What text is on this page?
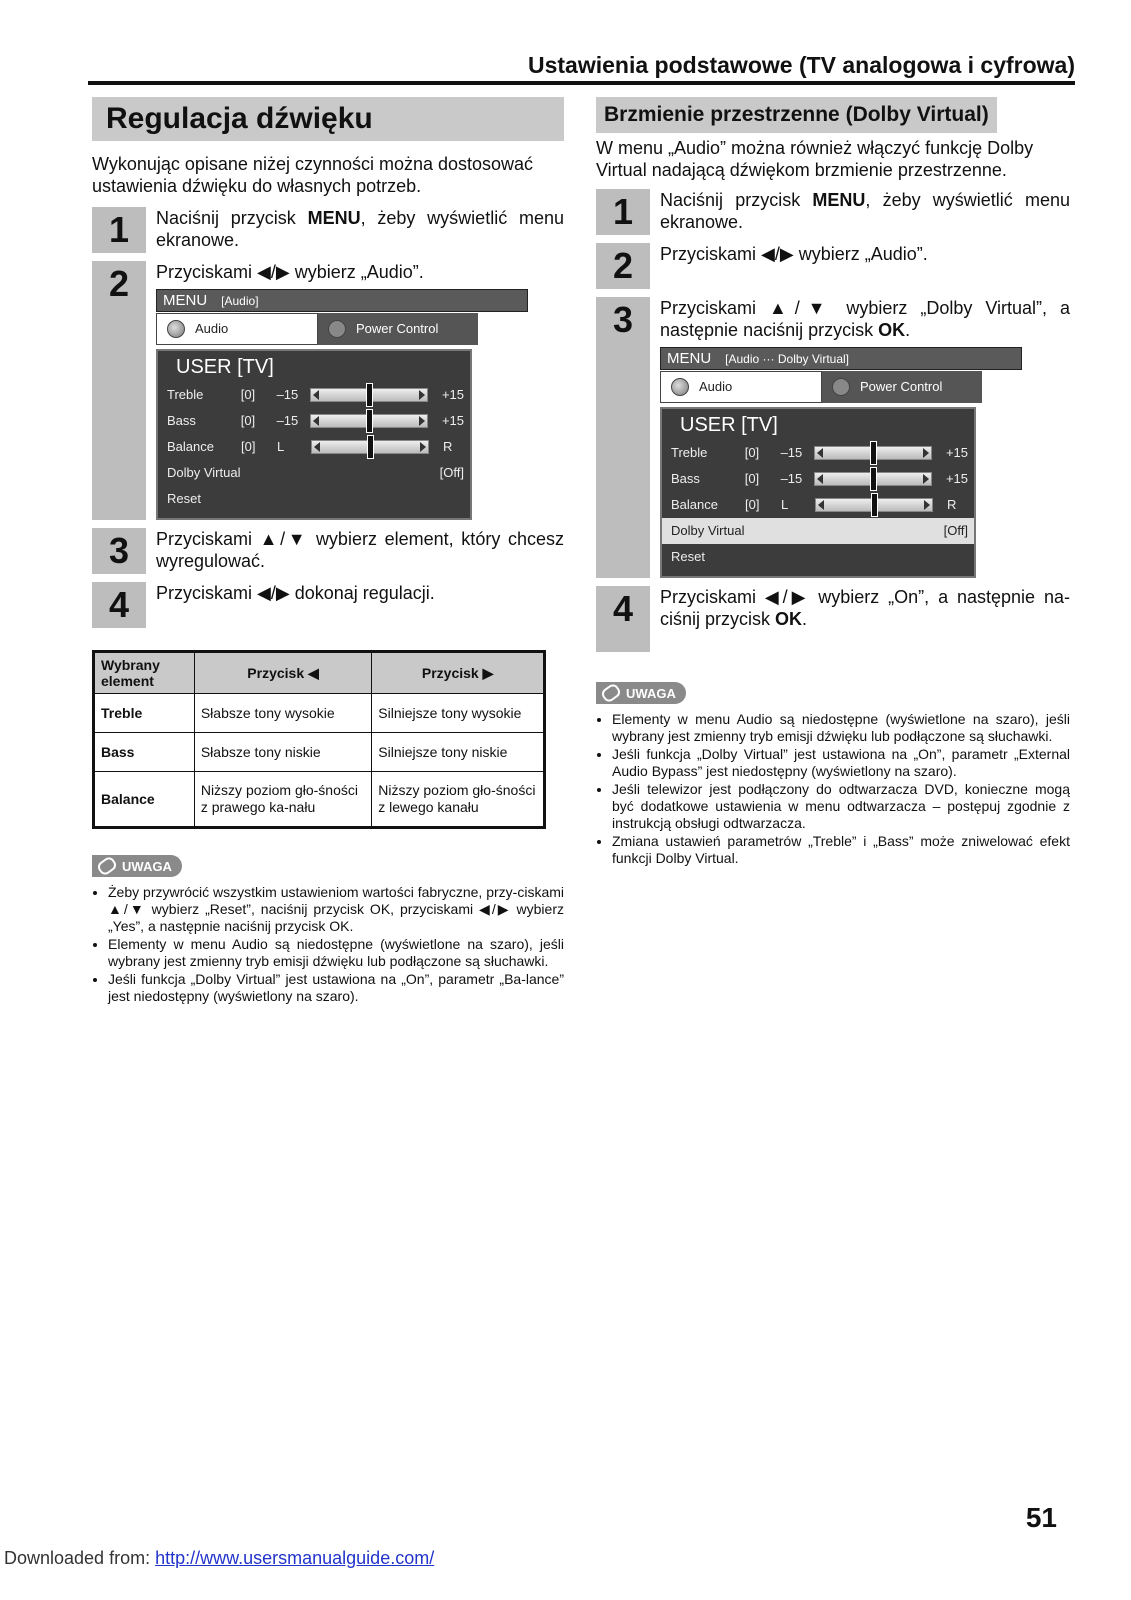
Ustawienia podstawowe (TV analogowa i cyfrowa)
Regulacja dźwięku
Wykonując opisane niżej czynności można dostosować ustawienia dźwięku do własnych potrzeb.
1	Naciśnij przycisk MENU, żeby wyświetlić menu ekranowe.
2	Przyciskami ◀/▶ wybierz „Audio”.
MENU [Audio]
Audio	Power Control
USER [TV]
Treble	[0]	–15	+15
Bass	[0]	–15	+15
Balance	[0]	L	R
Dolby Virtual	[Off]
Reset
3	Przyciskami ▲/▼ wybierz element, który chcesz wyregulować.
4	Przyciskami ◀/▶ dokonaj regulacji.
Wybrany element	Przycisk ◀	Przycisk ▶
Treble	Słabsze tony wysokie	Silniejsze tony wysokie
Bass	Słabsze tony niskie	Silniejsze tony niskie
Balance	Niższy poziom gło-śności z prawego ka-nału	Niższy poziom gło-śności z lewego kanału
UWAGA
• Żeby przywrócić wszystkim ustawieniom wartości fabryczne, przy-ciskami ▲/▼ wybierz „Reset”, naciśnij przycisk OK, przyciskami ◀/▶ wybierz „Yes”, a następnie naciśnij przycisk OK.
• Elementy w menu Audio są niedostępne (wyświetlone na szaro), jeśli wybrany jest zmienny tryb emisji dźwięku lub podłączone są słuchawki.
• Jeśli funkcja „Dolby Virtual” jest ustawiona na „On”, parametr „Ba-lance” jest niedostępny (wyświetlony na szaro).
Brzmienie przestrzenne (Dolby Virtual)
W menu „Audio” można również włączyć funkcję Dolby Virtual nadającą dźwiękom brzmienie przestrzenne.
1	Naciśnij przycisk MENU, żeby wyświetlić menu ekranowe.
2	Przyciskami ◀/▶ wybierz „Audio”.
3	Przyciskami ▲/▼ wybierz „Dolby Virtual”, a następnie naciśnij przycisk OK.
MENU [Audio ··· Dolby Virtual]
Audio	Power Control
USER [TV]
Treble	[0]	–15	+15
Bass	[0]	–15	+15
Balance	[0]	L	R
Dolby Virtual	[Off]
Reset
4	Przyciskami ◀/▶ wybierz „On”, a następnie na-ciśnij przycisk OK.
UWAGA
• Elementy w menu Audio są niedostępne (wyświetlone na szaro), jeśli wybrany jest zmienny tryb emisji dźwięku lub podłączone są słuchawki.
• Jeśli funkcja „Dolby Virtual” jest ustawiona na „On”, parametr „External Audio Bypass” jest niedostępny (wyświetlony na szaro).
• Jeśli telewizor jest podłączony do odtwarzacza DVD, konieczne mogą być dodatkowe ustawienia w menu odtwarzacza – postępuj zgodnie z instrukcją obsługi odtwarzacza.
• Zmiana ustawień parametrów „Treble” i „Bass” może zniwelować efekt funkcji Dolby Virtual.
51
Downloaded from: http://www.usersmanualguide.com/
